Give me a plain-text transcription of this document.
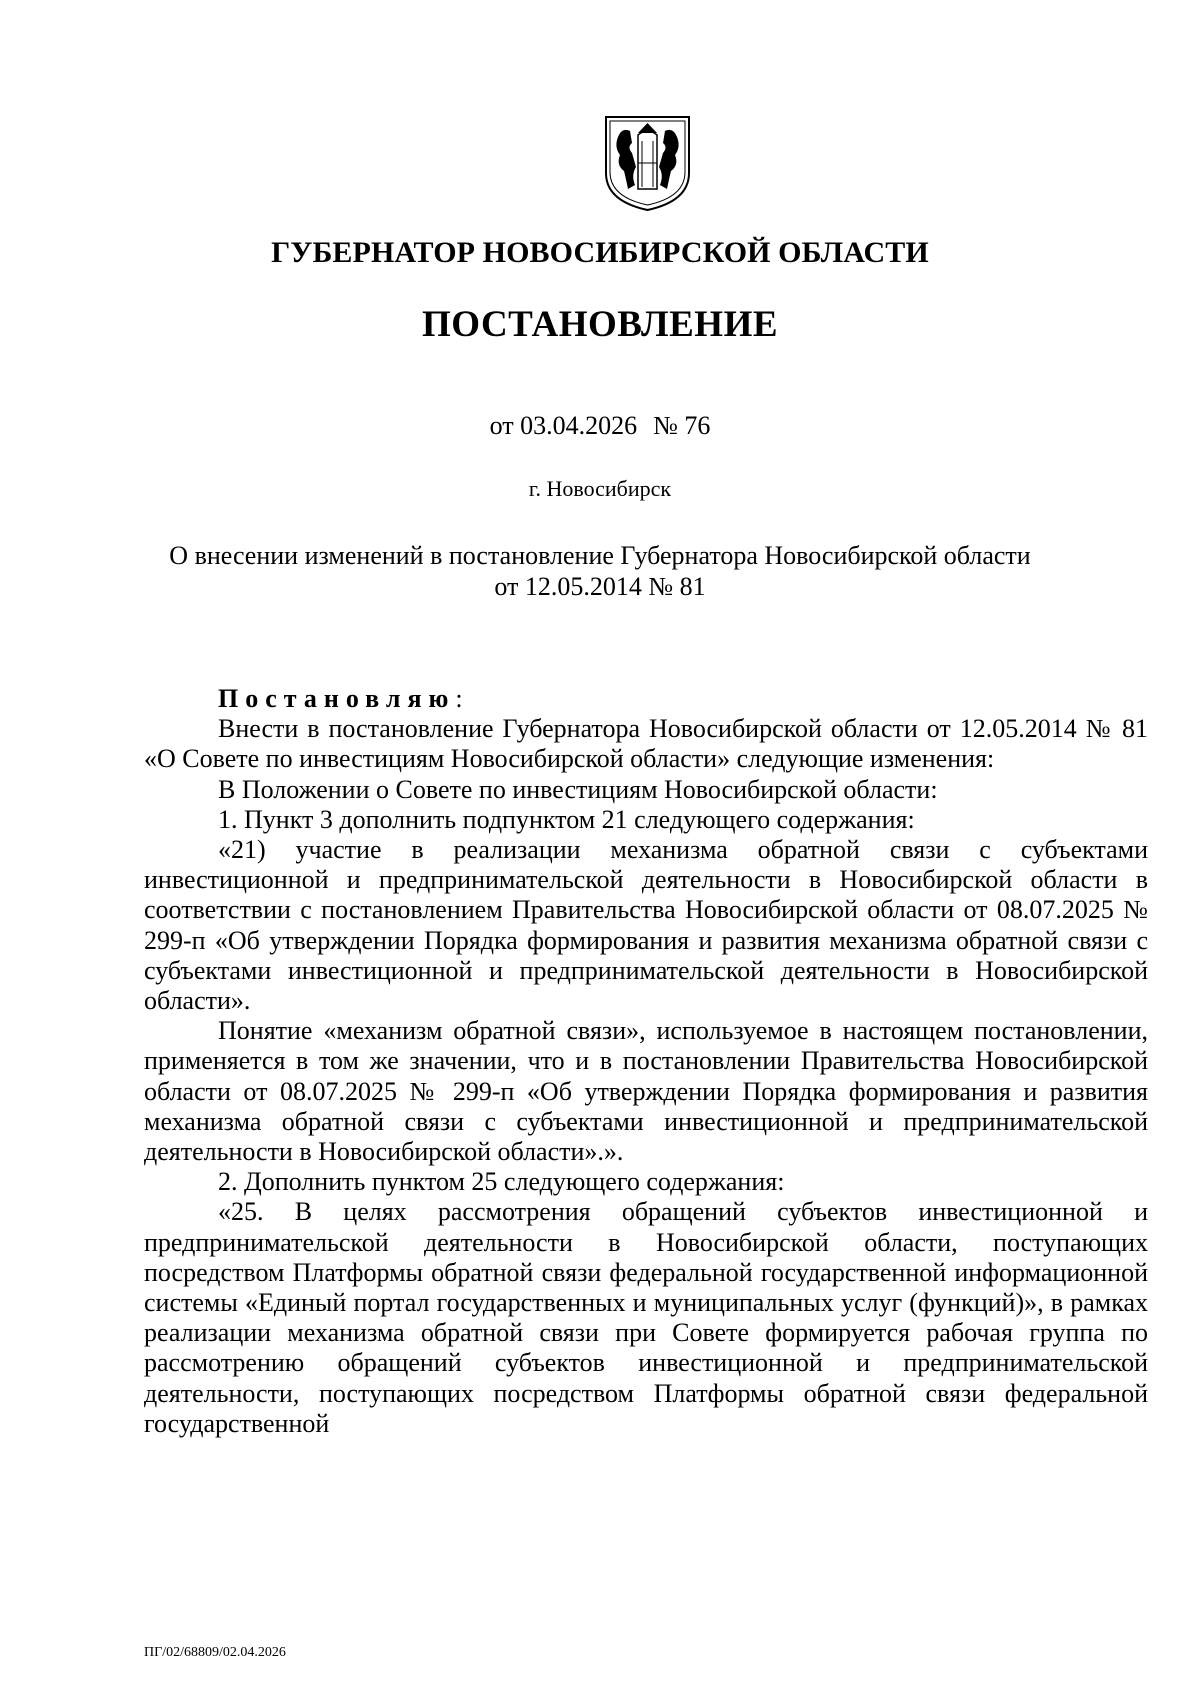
ГУБЕРНАТОР НОВОСИБИРСКОЙ ОБЛАСТИ
ПОСТАНОВЛЕНИЕ
от 03.04.2026 № 76
г. Новосибирск
О внесении изменений в постановление Губернатора Новосибирской области
от 12.05.2014 № 81

Постановляю:

Внести в постановление Губернатора Новосибирской области от 12.05.2014 № 81 «О Совете по инвестициям Новосибирской области» следующие изменения:

В Положении о Совете по инвестициям Новосибирской области:

1. Пункт 3 дополнить подпунктом 21 следующего содержания:

«21) участие в реализации механизма обратной связи с субъектами инвестиционной и предпринимательской деятельности в Новосибирской области в соответствии с постановлением Правительства Новосибирской области от 08.07.2025 № 299-п «Об утверждении Порядка формирования и развития механизма обратной связи с субъектами инвестиционной и предпринимательской деятельности в Новосибирской области».

Понятие «механизм обратной связи», используемое в настоящем постановлении, применяется в том же значении, что и в постановлении Правительства Новосибирской области от 08.07.2025 № 299-п «Об утверждении Порядка формирования и развития механизма обратной связи с субъектами инвестиционной и предпринимательской деятельности в Новосибирской области».».

2. Дополнить пунктом 25 следующего содержания:

«25. В целях рассмотрения обращений субъектов инвестиционной и предпринимательской деятельности в Новосибирской области, поступающих посредством Платформы обратной связи федеральной государственной информационной системы «Единый портал государственных и муниципальных услуг (функций)», в рамках реализации механизма обратной связи при Совете формируется рабочая группа по рассмотрению обращений субъектов инвестиционной и предпринимательской деятельности, поступающих посредством Платформы обратной связи федеральной государственной

ПГ/02/68809/02.04.2026
